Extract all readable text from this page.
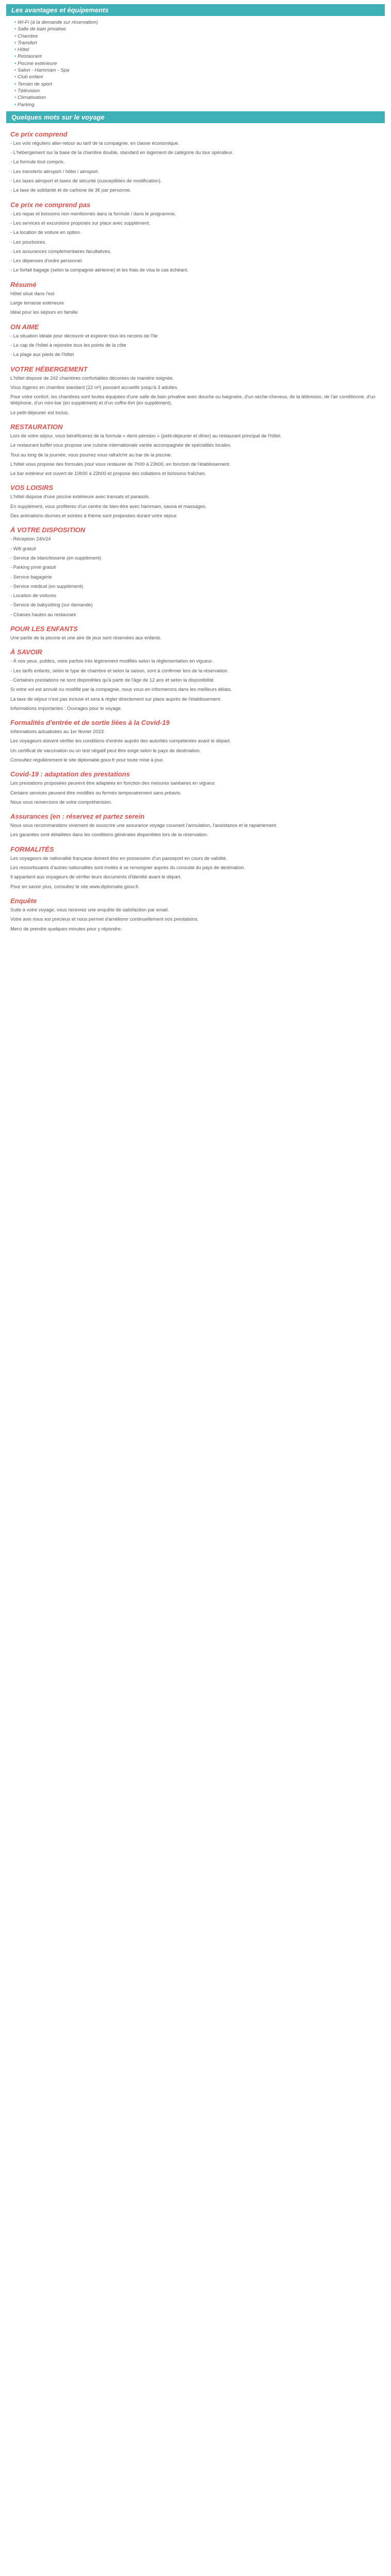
Les avantages et équipements
• Wi-Fi (à la demande sur réservation)
• Salle de bain privative
• Chambre
• Transfert
• Hôtel
• Restaurant
• Piscine extérieure
• Salon - Hammam - Spa
• Club enfant
• Terrain de sport
• Télévision
• Climatisation
• Parking
Quelques mots sur le voyage
Ce prix comprend

- Les vols réguliers aller-retour au tarif de la compagnie, en classe économique.

- L'hébergement sur la base de la chambre double, standard en logement de catégorie du tour opérateur.

- La formule tout compris.

- Les transferts aéroport / hôtel / aéroport.

- Les taxes aéroport et taxes de sécurité (susceptibles de modification).

- La taxe de solidarité et de carbone de 3€ par personne.

Ce prix ne comprend pas

- Les repas et boissons non mentionnés dans la formule / dans le programme.

- Les services et excursions proposés sur place avec supplément.

- La location de voiture en option.

- Les pourboires.

- Les assurances complémentaires facultatives.

- Les dépenses d'ordre personnel.

- Le forfait bagage (selon la compagnie aérienne) et les frais de visa le cas échéant.

Résumé

Hôtel situé dans l'est

Large terrasse extérieure

Idéal pour les séjours en famille

ON AIME

- La situation idéale pour découvrir et explorer tous les recoins de l'île

- Le cap de l'hôtel à rejoindre tous les points de la côte

- La plage aux pieds de l'hôtel

VOTRE HÉBERGEMENT

L'hôtel dispose de 242 chambres confortables décorées de manière soignée.

Vous logerez en chambre standard (22 m²) pouvant accueillir jusqu'à 3 adultes.

Pour votre confort, les chambres sont toutes équipées d'une salle de bain privative avec douche ou baignoire, d'un sèche-cheveux, de la télévision, de l'air conditionné, d'un téléphone, d'un mini-bar (en supplément) et d'un coffre-fort (en supplément).

Le petit-déjeuner est inclus.

RESTAURATION

Lors de votre séjour, vous bénéficierez de la formule « demi-pension » (petit-déjeuner et dîner) au restaurant principal de l'hôtel.

Le restaurant buffet vous propose une cuisine internationale variée accompagnée de spécialités locales.

Tout au long de la journée, vous pourrez vous rafraîchir au bar de la piscine.

L'hôtel vous propose des formules pour vous restaurer de 7h00 à 23h00, en fonction de l'établissement.

Le bar extérieur est ouvert de 10h00 à 22h00 et propose des collations et boissons fraîches.

VOS LOISIRS

L'hôtel dispose d'une piscine extérieure avec transats et parasols.

En supplément, vous profiterez d'un centre de bien-être avec hammam, sauna et massages.

Des animations diurnes et soirées à thème sont proposées durant votre séjour.

À VOTRE DISPOSITION

- Réception 24h/24

- Wifi gratuit

- Service de blanchisserie (en supplément)

- Parking privé gratuit

- Service bagagerie

- Service médical (en supplément)

- Location de voitures

- Service de babysitting (sur demande)

- Chaises hautes au restaurant

POUR LES ENFANTS

Une partie de la piscine et une aire de jeux sont réservées aux enfants.

À SAVOIR

- À nos yeux, publics, voire parfois très légèrement modifiés selon la réglementation en vigueur.

- Les tarifs enfants, selon le type de chambre et selon la saison, sont à confirmer lors de la réservation.

- Certaines prestations ne sont disponibles qu'à partir de l'âge de 12 ans et selon la disponibilité.

Si votre vol est annulé ou modifié par la compagnie, nous vous en informerons dans les meilleurs délais.

La taxe de séjour n'est pas incluse et sera à régler directement sur place auprès de l'établissement.

Informations importantes : Ouvrages pour le voyage.

Formalités d'entrée et de sortie liées à la Covid-19

Informations actualisées au 1er février 2023.

Les voyageurs doivent vérifier les conditions d'entrée auprès des autorités compétentes avant le départ.

Un certificat de vaccination ou un test négatif peut être exigé selon le pays de destination.

Consultez régulièrement le site diplomatie.gouv.fr pour toute mise à jour.

Covid-19 : adaptation des prestations

Les prestations proposées peuvent être adaptées en fonction des mesures sanitaires en vigueur.

Certains services peuvent être modifiés ou fermés temporairement sans préavis.

Nous vous remercions de votre compréhension.

Assurances (en : réservez et partez serein

Nous vous recommandons vivement de souscrire une assurance voyage couvrant l'annulation, l'assistance et le rapatriement.

Les garanties sont détaillées dans les conditions générales disponibles lors de la réservation.

FORMALITÉS

Les voyageurs de nationalité française doivent être en possession d'un passeport en cours de validité.

Les ressortissants d'autres nationalités sont invités à se renseigner auprès du consulat du pays de destination.

Il appartient aux voyageurs de vérifier leurs documents d'identité avant le départ.

Pour en savoir plus, consultez le site www.diplomatie.gouv.fr.

Enquête

Suite à votre voyage, vous recevrez une enquête de satisfaction par email.

Votre avis nous est précieux et nous permet d'améliorer continuellement nos prestations.

Merci de prendre quelques minutes pour y répondre.
